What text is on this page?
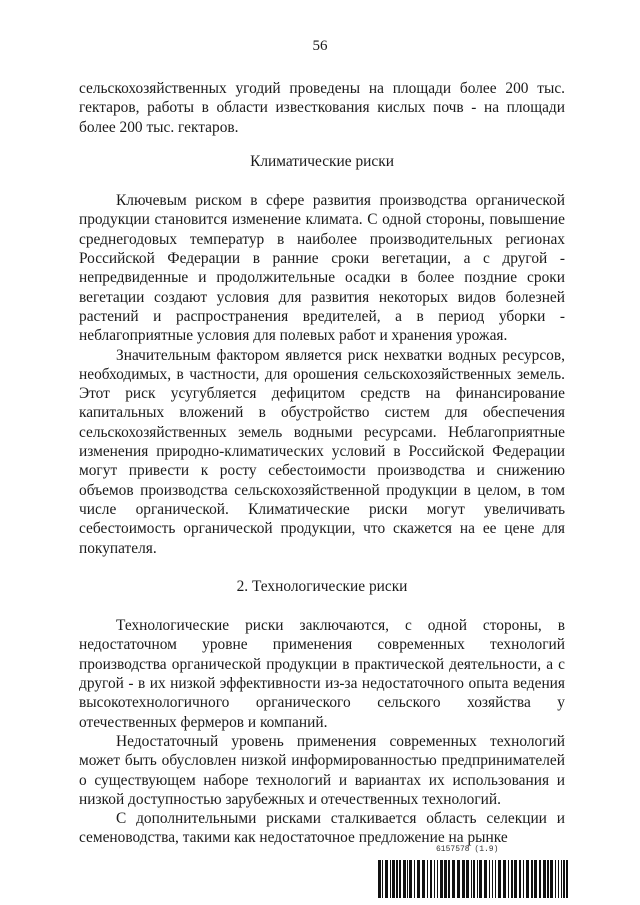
56

сельскохозяйственных угодий проведены на площади более 200 тыс. гектаров, работы в области известкования кислых почв - на площади более 200 тыс. гектаров.

Климатические риски

Ключевым риском в сфере развития производства органической продукции становится изменение климата. С одной стороны, повышение среднегодовых температур в наиболее производительных регионах Российской Федерации в ранние сроки вегетации, а с другой - непредвиденные и продолжительные осадки в более поздние сроки вегетации создают условия для развития некоторых видов болезней растений и распространения вредителей, а в период уборки - неблагоприятные условия для полевых работ и хранения урожая.

Значительным фактором является риск нехватки водных ресурсов, необходимых, в частности, для орошения сельскохозяйственных земель. Этот риск усугубляется дефицитом средств на финансирование капитальных вложений в обустройство систем для обеспечения сельскохозяйственных земель водными ресурсами. Неблагоприятные изменения природно-климатических условий в Российской Федерации могут привести к росту себестоимости производства и снижению объемов производства сельскохозяйственной продукции в целом, в том числе органической. Климатические риски могут увеличивать себестоимость органической продукции, что скажется на ее цене для покупателя.

2. Технологические риски

Технологические риски заключаются, с одной стороны, в недостаточном уровне применения современных технологий производства органической продукции в практической деятельности, а с другой - в их низкой эффективности из-за недостаточного опыта ведения высокотехнологичного органического сельского хозяйства у отечественных фермеров и компаний.

Недостаточный уровень применения современных технологий может быть обусловлен низкой информированностью предпринимателей о существующем наборе технологий и вариантах их использования и низкой доступностью зарубежных и отечественных технологий.

С дополнительными рисками сталкивается область селекции и семеноводства, такими как недостаточное предложение на рынке

6157578 (1.9)
